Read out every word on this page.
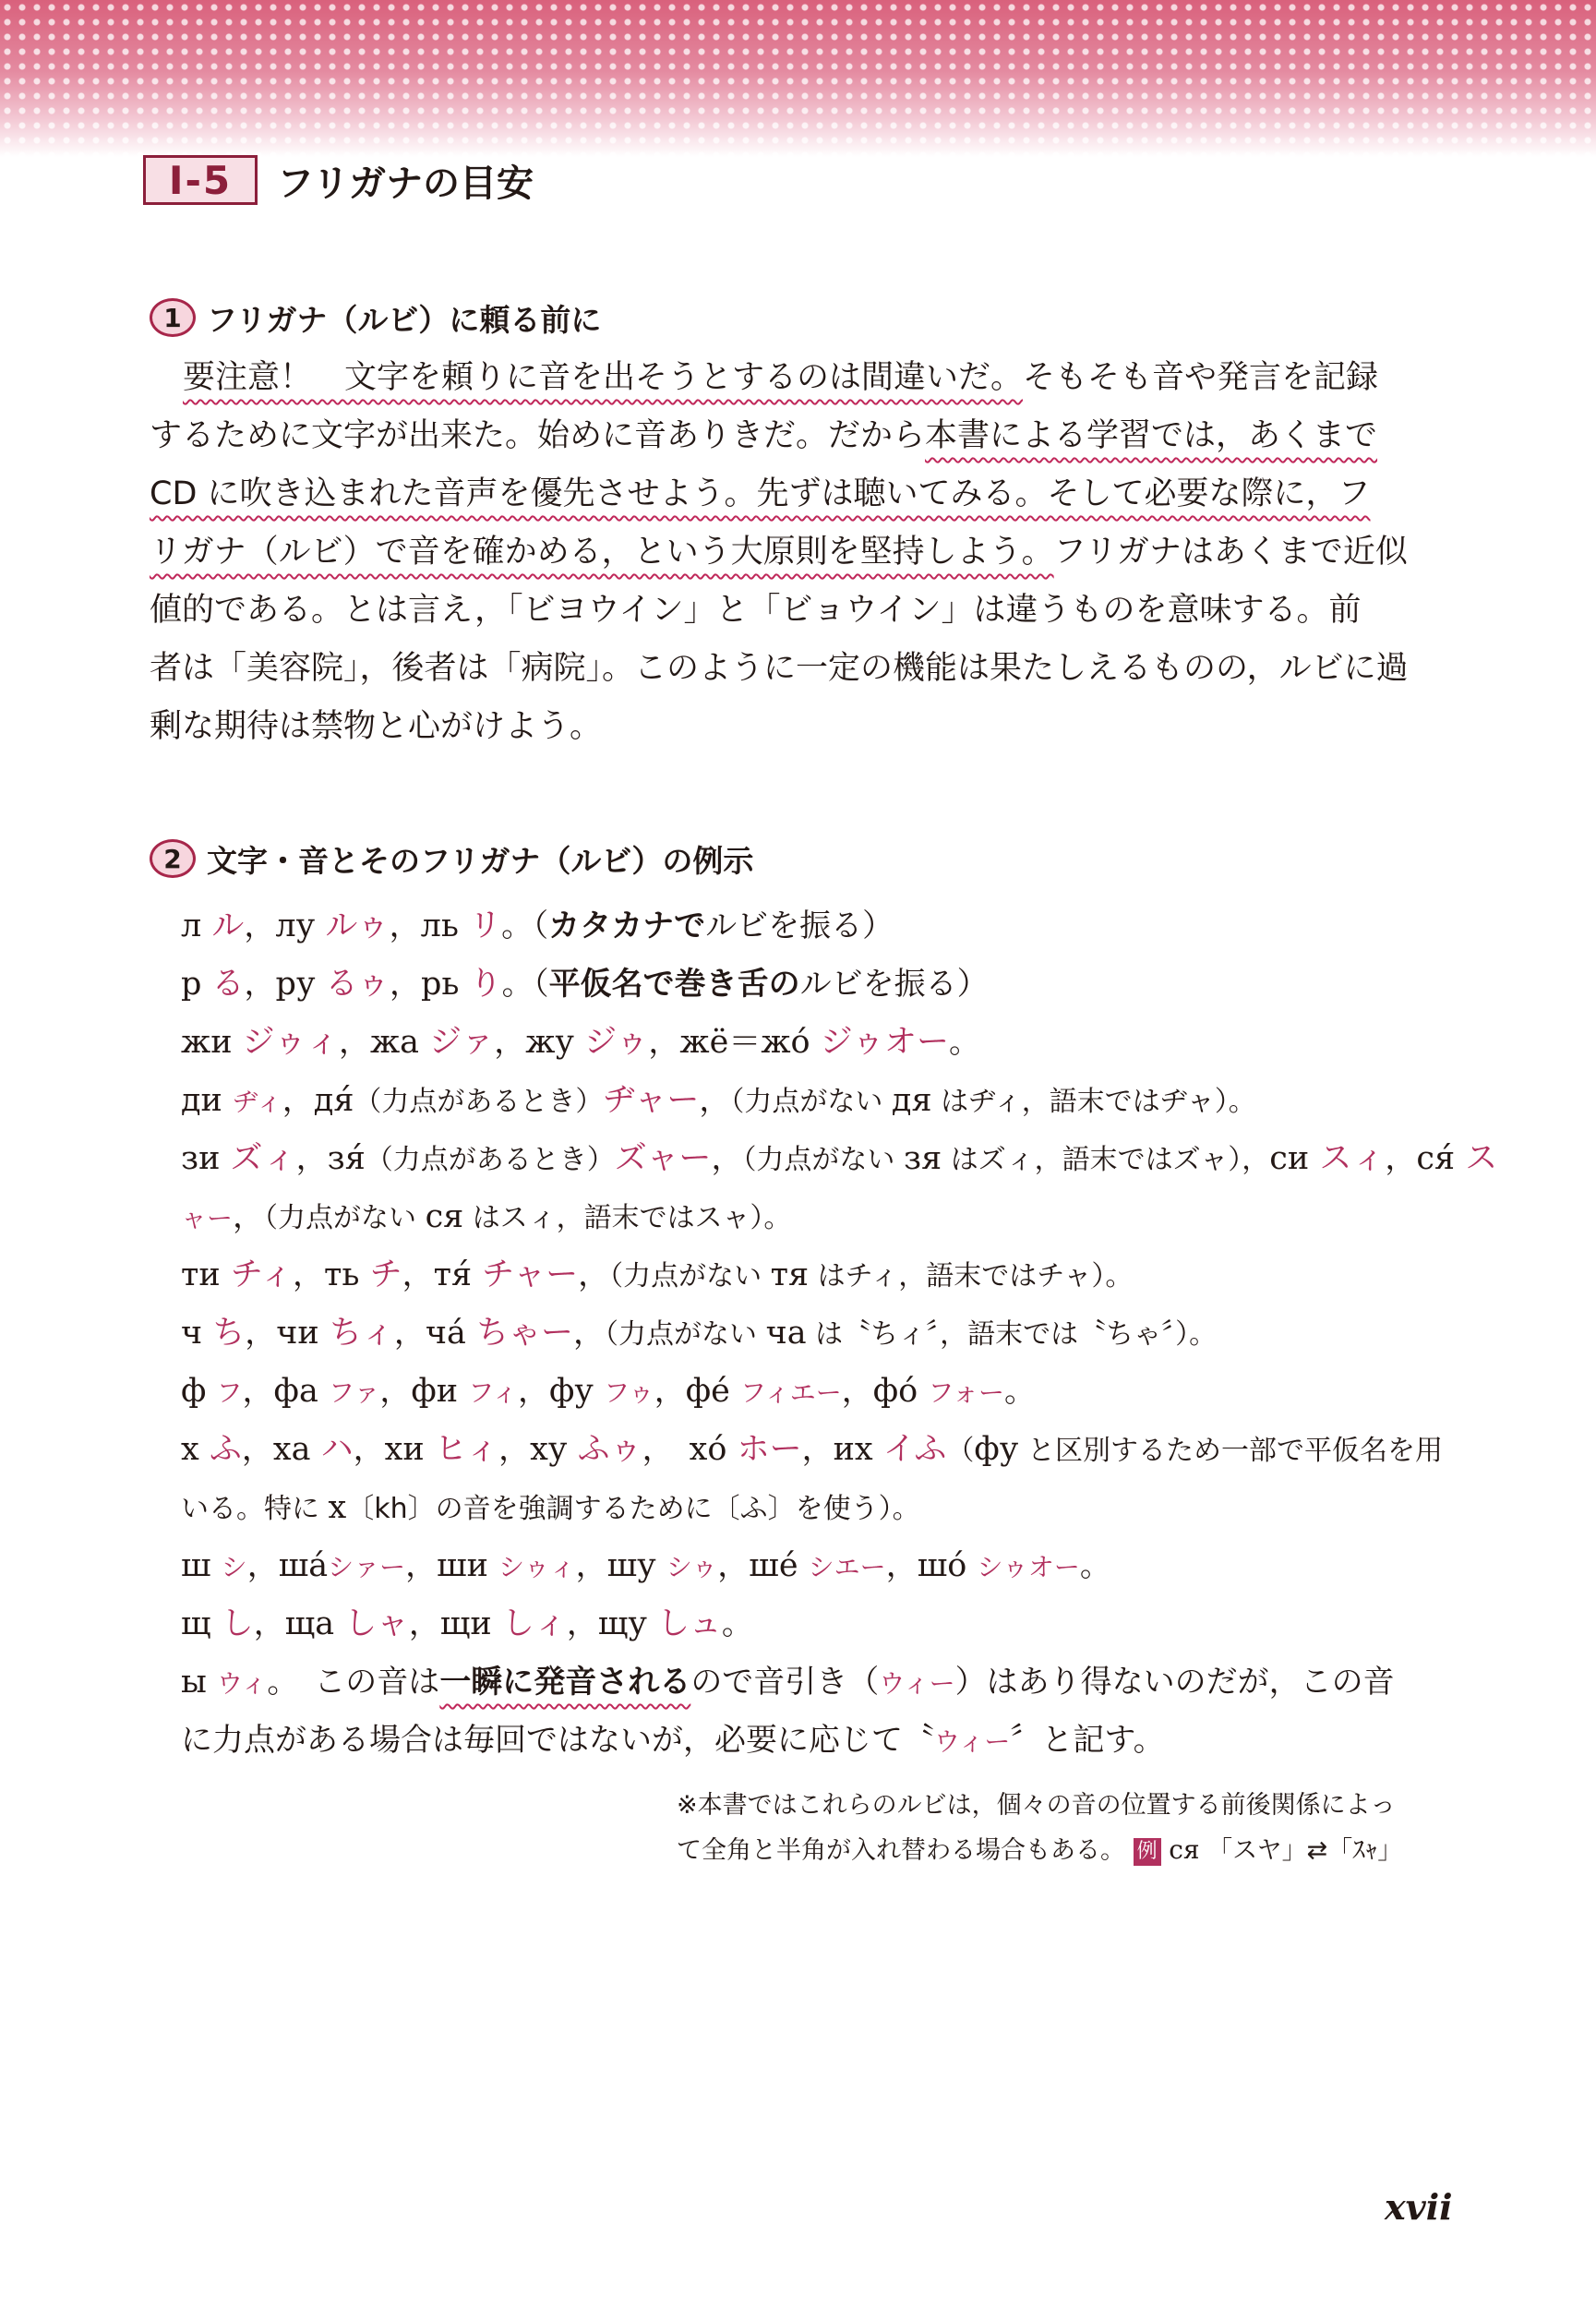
I-5	フリガナの目安
1 フリガナ（ルビ）に頼る前に
要注意！　文字を頼りに音を出そうとするのは間違いだ。そもそも音や発言を記録
するために文字が出来た。始めに音ありきだ。だから本書による学習では，あくまで
CD に吹き込まれた音声を優先させよう。先ずは聴いてみる。そして必要な際に，フ
リガナ（ルビ）で音を確かめる，という大原則を堅持しよう。フリガナはあくまで近似
値的である。とは言え，「ビヨウイン」と「ビョウイン」は違うものを意味する。前
者は「美容院」，後者は「病院」。このように一定の機能は果たしえるものの，ルビに過
剰な期待は禁物と心がけよう。
2 文字・音とそのフリガナ（ルビ）の例示
л ル，лу ルゥ，ль リ。（カタカナでルビを振る）
р る，ру るゥ，рь り。（平仮名で巻き舌のルビを振る）
жи ジゥィ，жа ジァ，жу ジゥ，жё＝жó ジゥオー。
ди ヂィ，дя́（力点があるとき）ヂャー，（力点がない дя はヂィ，語末ではヂャ）。
зи ズィ，зя́（力点があるとき）ズャー，（力点がない зя はズィ，語末ではズャ），си スィ，ся́ ス
ャー，（力点がない ся はスィ，語末ではスャ）。
ти チィ，ть チ，тя́ チャー，（力点がない тя はチィ，語末ではチャ）。
ч ち，чи ちィ，чá ちゃー，（力点がない ча は〝ちィ〞，語末では〝ちゃ〞）。
ф フ，фа ファ，фи フィ，фу フゥ，фé フィエー，фó フォー。
х ふ，ха ハ，хи ヒィ，ху ふゥ，　хó ホー，их イふ（фу と区別するため一部で平仮名を用
いる。特に х〔kh〕の音を強調するために〔ふ〕を使う）。
ш シ，шáシァー，ши シゥィ，шу シゥ，шé シエー，шó シゥオー。
щ し，ща しャ，щи しィ，щу しュ。
ы ウィ。　この音は一瞬に発音されるので音引き（ウィー）はあり得ないのだが，この音
に力点がある場合は毎回ではないが，必要に応じて〝ウィー〞と記す。
※本書ではこれらのルビは，個々の音の位置する前後関係によっ
て全角と半角が入れ替わる場合もある。 例 ся 「スヤ」⇄「ｽｬ」
xvii
